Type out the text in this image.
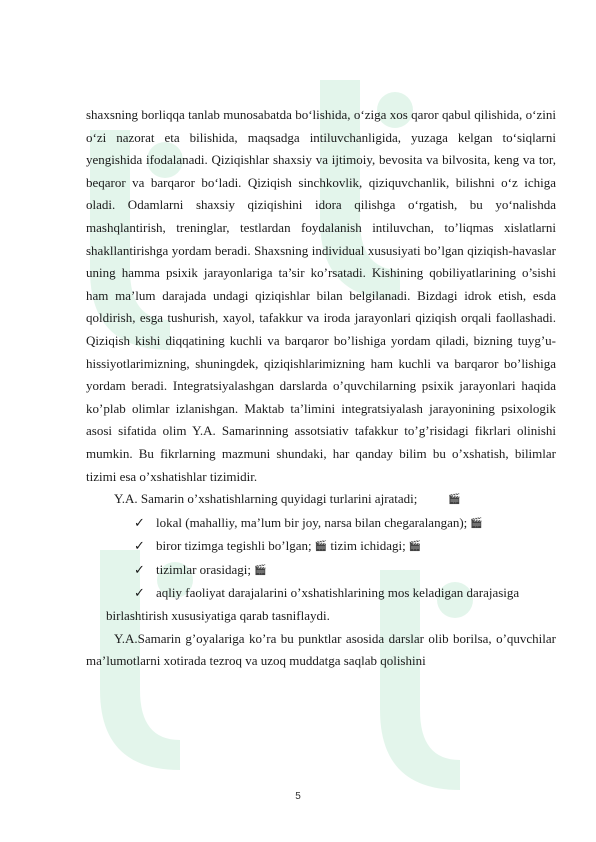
shaxsning borliqqa tanlab munosabatda bo‘lishida, o‘ziga xos qaror qabul qilishida, o‘zini o‘zi nazorat eta bilishida, maqsadga intiluvchanligida, yuzaga kelgan to‘siqlarni yengishida ifodalanadi. Qiziqishlar shaxsiy va ijtimoiy, bevosita va bilvosita, keng va tor, beqaror va barqaror bo‘ladi. Qiziqish sinchkovlik, qiziquvchanlik, bilishni o‘z ichiga oladi. Odamlarni shaxsiy qiziqishini idora qilishga o‘rgatish, bu yo‘nalishda mashqlantirish, treninglar, testlardan foydalanish intiluvchan, to’liqmas xislatlarni shakllantirishga yordam beradi. Shaxsning individual xususiyati bo’lgan qiziqish-havaslar uning hamma psixik jarayonlariga ta’sir ko’rsatadi. Kishining qobiliyatlarining o’sishi ham ma’lum darajada undagi qiziqishlar bilan belgilanadi. Bizdagi idrok etish, esda qoldirish, esga tushurish, xayol, tafakkur va iroda jarayonlari qiziqish orqali faollashadi. Qiziqish kishi diqqatining kuchli va barqaror bo’lishiga yordam qiladi, bizning tuyg’u-hissiyotlarimizning, shuningdek, qiziqishlarimizning ham kuchli va barqaror bo’lishiga yordam beradi. Integratsiyalashgan darslarda o’quvchilarning psixik jarayonlari haqida ko’plab olimlar izlanishgan. Maktab ta’limini integratsiyalash jarayonining psixologik asosi sifatida olim Y.A. Samarinning assotsiativ tafakkur to’g’risidagi fikrlari olinishi mumkin. Bu fikrlarning mazmuni shundaki, har qanday bilim bu o’xshatish, bilimlar tizimi esa o’xshatishlar tizimidir.

Y.A. Samarin o’xshatishlarning quyidagi turlarini ajratadi;	🎬

✓ lokal (mahalliy, ma’lum bir joy, narsa bilan chegaralangan); 🎬
✓ biror tizimga tegishli bo’lgan; 🎬 tizim ichidagi; 🎬
✓ tizimlar orasidagi; 🎬
✓ aqliy faoliyat darajalarini o’xshatishlarining mos keladigan darajasiga

birlashtirish xususiyatiga qarab tasniflaydi.

Y.A.Samarin g’oyalariga ko’ra bu punktlar asosida darslar olib borilsa, o’quvchilar ma’lumotlarni xotirada tezroq va uzoq muddatga saqlab qolishini

5
